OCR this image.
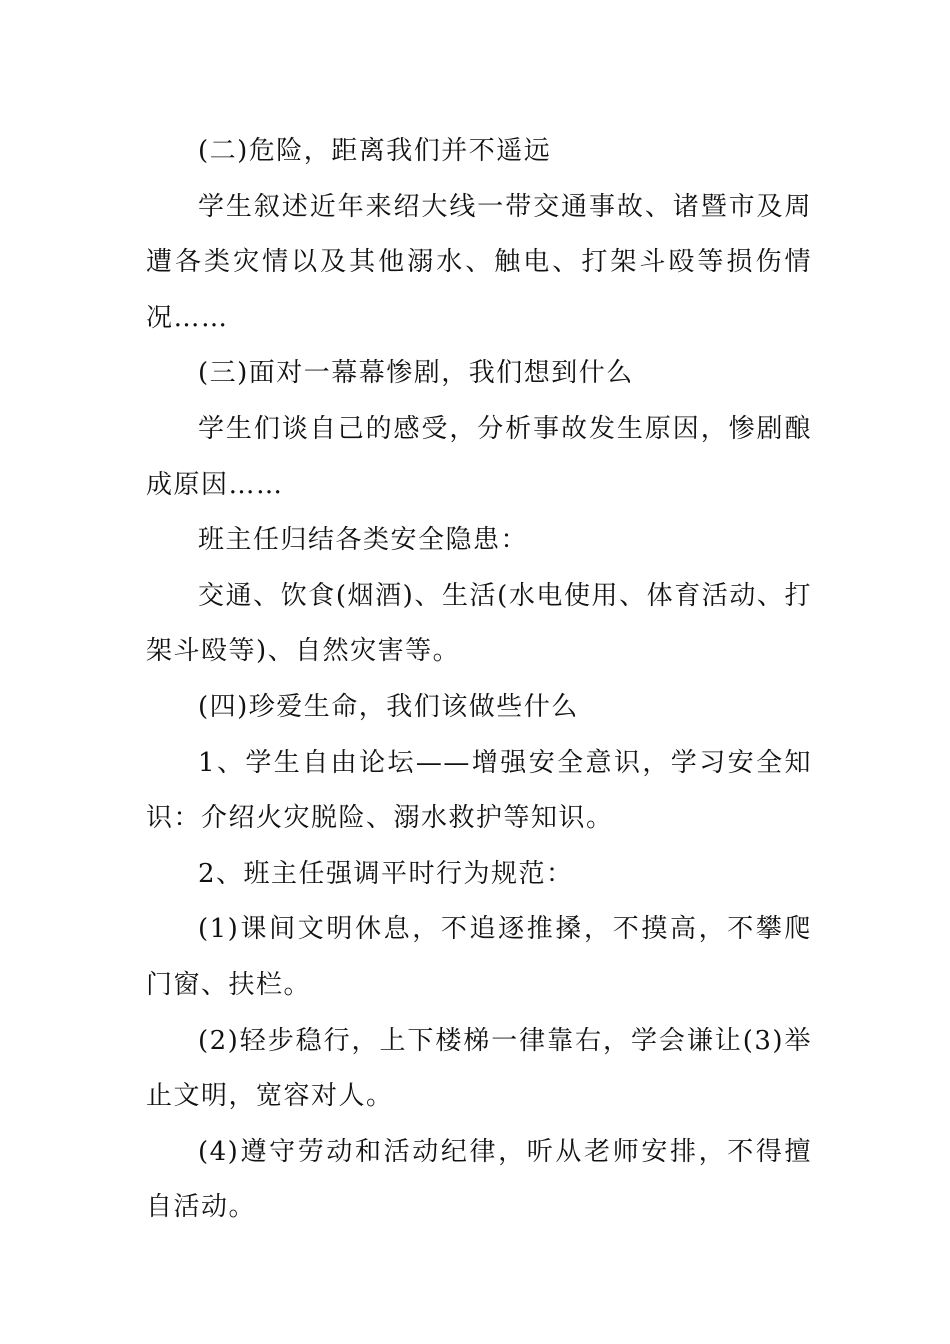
(二)危险，距离我们并不遥远

学生叙述近年来绍大线一带交通事故、诸暨市及周遭各类灾情以及其他溺水、触电、打架斗殴等损伤情况……

(三)面对一幕幕惨剧，我们想到什么

学生们谈自己的感受，分析事故发生原因，惨剧酿成原因……

班主任归结各类安全隐患：

交通、饮食(烟酒)、生活(水电使用、体育活动、打架斗殴等)、自然灾害等。

(四)珍爱生命，我们该做些什么

1、学生自由论坛——增强安全意识，学习安全知识：介绍火灾脱险、溺水救护等知识。

2、班主任强调平时行为规范：

(1)课间文明休息，不追逐推搡，不摸高，不攀爬门窗、扶栏。

(2)轻步稳行，上下楼梯一律靠右，学会谦让(3)举止文明，宽容对人。

(4)遵守劳动和活动纪律，听从老师安排，不得擅自活动。
